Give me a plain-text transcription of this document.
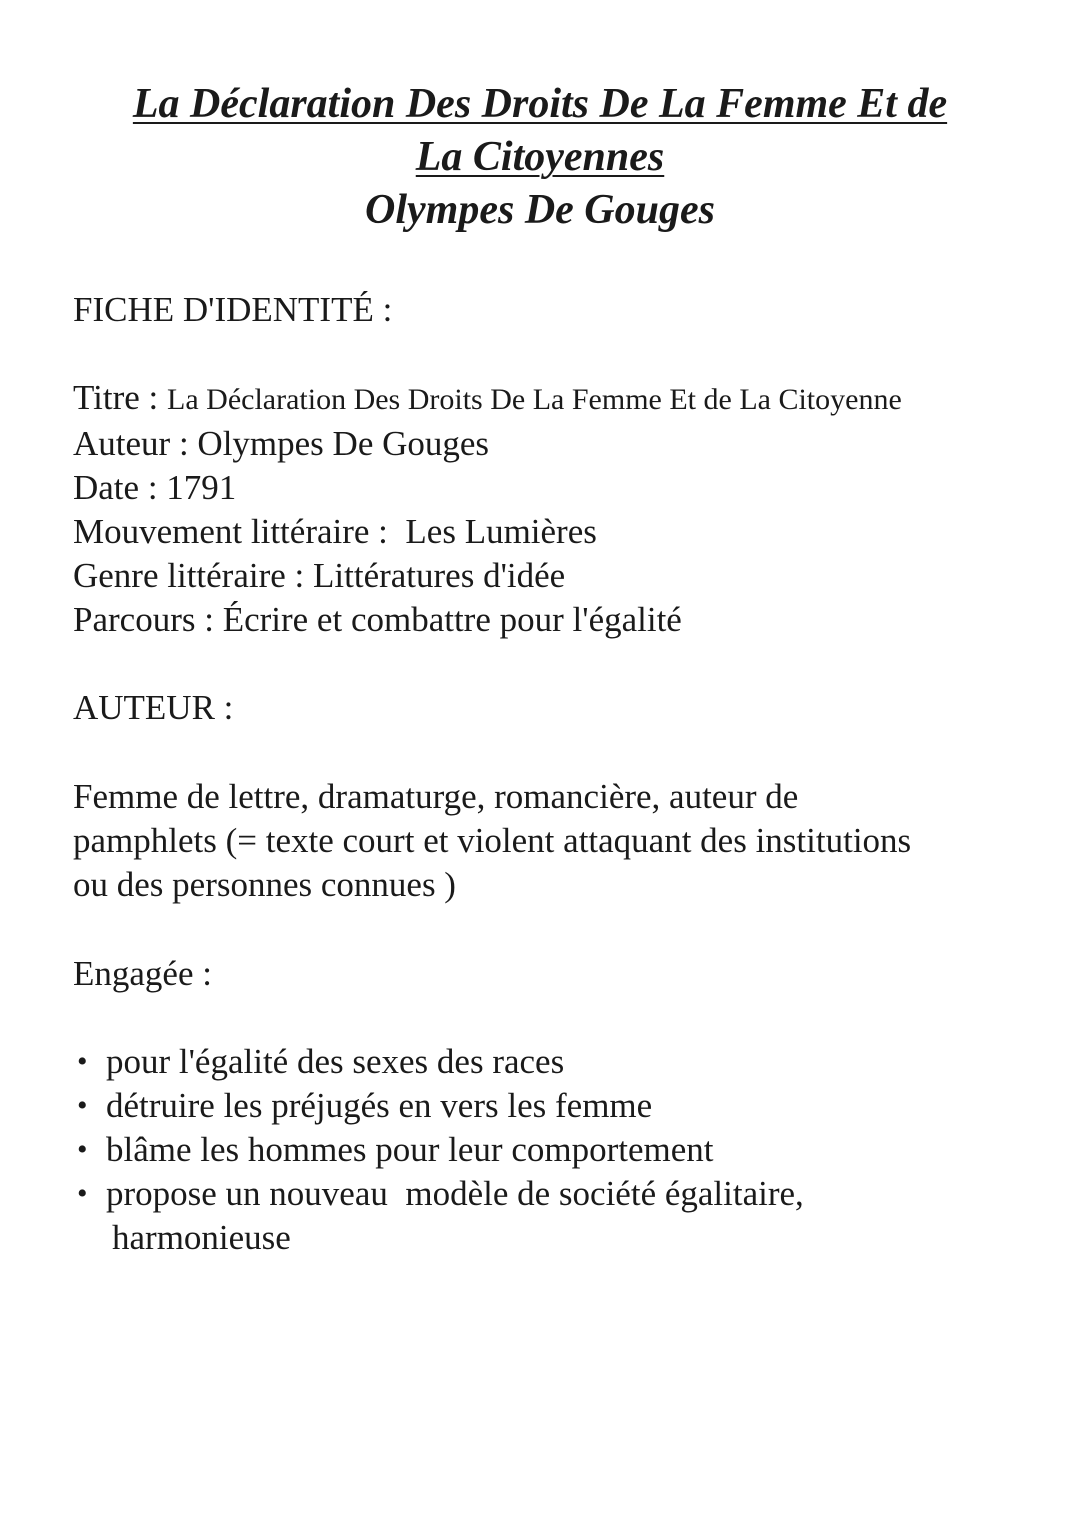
La Déclaration Des Droits De La Femme Et de
La Citoyennes
Olympes De Gouges
FICHE D'IDENTITÉ :
Titre : La Déclaration Des Droits De La Femme Et de La Citoyenne
Auteur : Olympes De Gouges
Date : 1791
Mouvement littéraire :  Les Lumières
Genre littéraire : Littératures d'idée
Parcours : Écrire et combattre pour l'égalité
AUTEUR :
Femme de lettre, dramaturge, romancière, auteur de
pamphlets (= texte court et violent attaquant des institutions
ou des personnes connues )
Engagée :
• pour l'égalité des sexes des races
• détruire les préjugés en vers les femme
• blâme les hommes pour leur comportement
• propose un nouveau  modèle de société égalitaire,
harmonieuse
